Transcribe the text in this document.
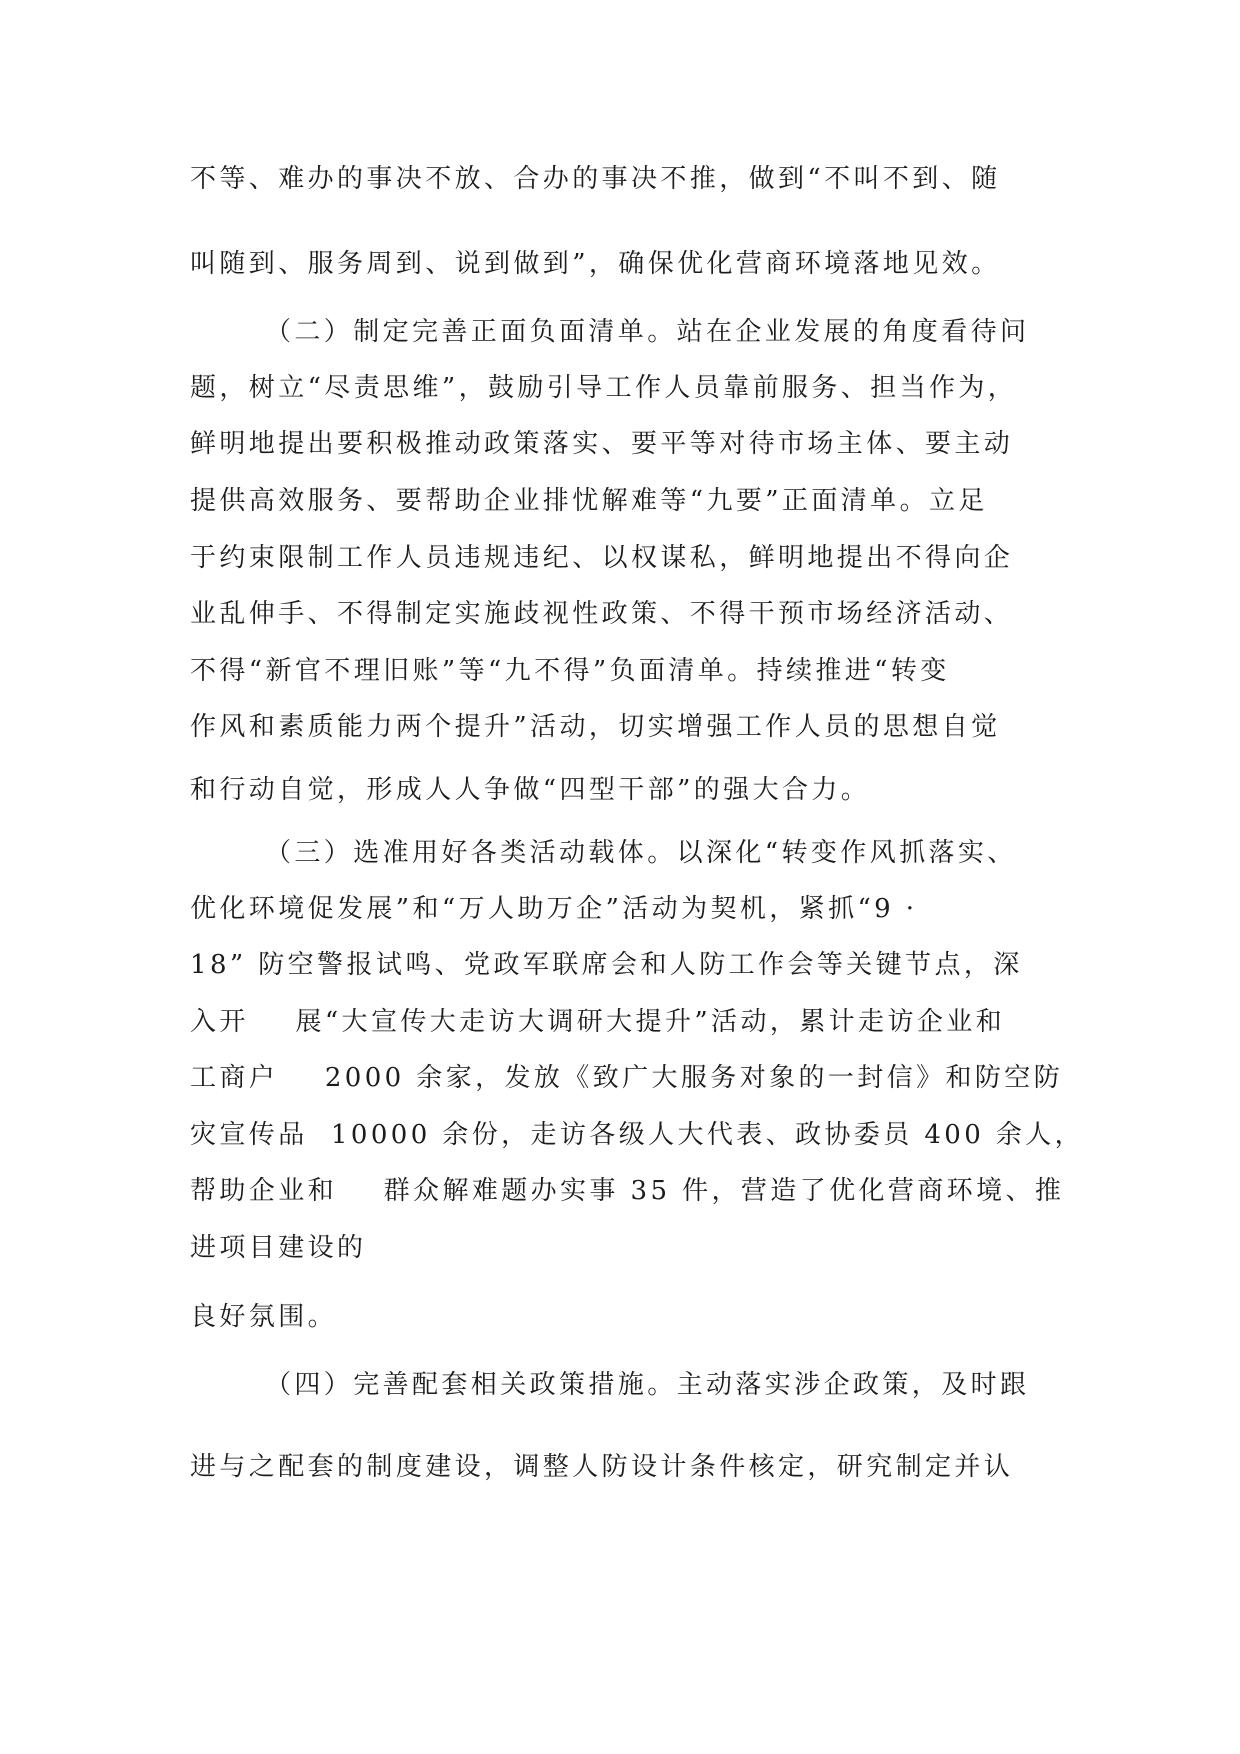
不等、难办的事决不放、合办的事决不推，做到“不叫不到、随
叫随到、服务周到、说到做到”，确保优化营商环境落地见效。
（二）制定完善正面负面清单。站在企业发展的角度看待问
题，树立“尽责思维”，鼓励引导工作人员靠前服务、担当作为，
鲜明地提出要积极推动政策落实、要平等对待市场主体、要主动
提供高效服务、要帮助企业排忧解难等“九要”正面清单。立足
于约束限制工作人员违规违纪、以权谋私，鲜明地提出不得向企
业乱伸手、不得制定实施歧视性政策、不得干预市场经济活动、
不得“新官不理旧账”等“九不得”负面清单。持续推进“转变
作风和素质能力两个提升”活动，切实增强工作人员的思想自觉
和行动自觉，形成人人争做“四型干部”的强大合力。
（三）选准用好各类活动载体。以深化“转变作风抓落实、
优化环境促发展”和“万人助万企”活动为契机，紧抓“9 ·
18” 防空警报试鸣、党政军联席会和人防工作会等关键节点，深
入开    展“大宣传大走访大调研大提升”活动，累计走访企业和
工商户    2000 余家，发放《致广大服务对象的一封信》和防空防
灾宣传品  10000 余份，走访各级人大代表、政协委员 400 余人，
帮助企业和    群众解难题办实事 35 件，营造了优化营商环境、推
进项目建设的
良好氛围。
（四）完善配套相关政策措施。主动落实涉企政策，及时跟
进与之配套的制度建设，调整人防设计条件核定，研究制定并认
